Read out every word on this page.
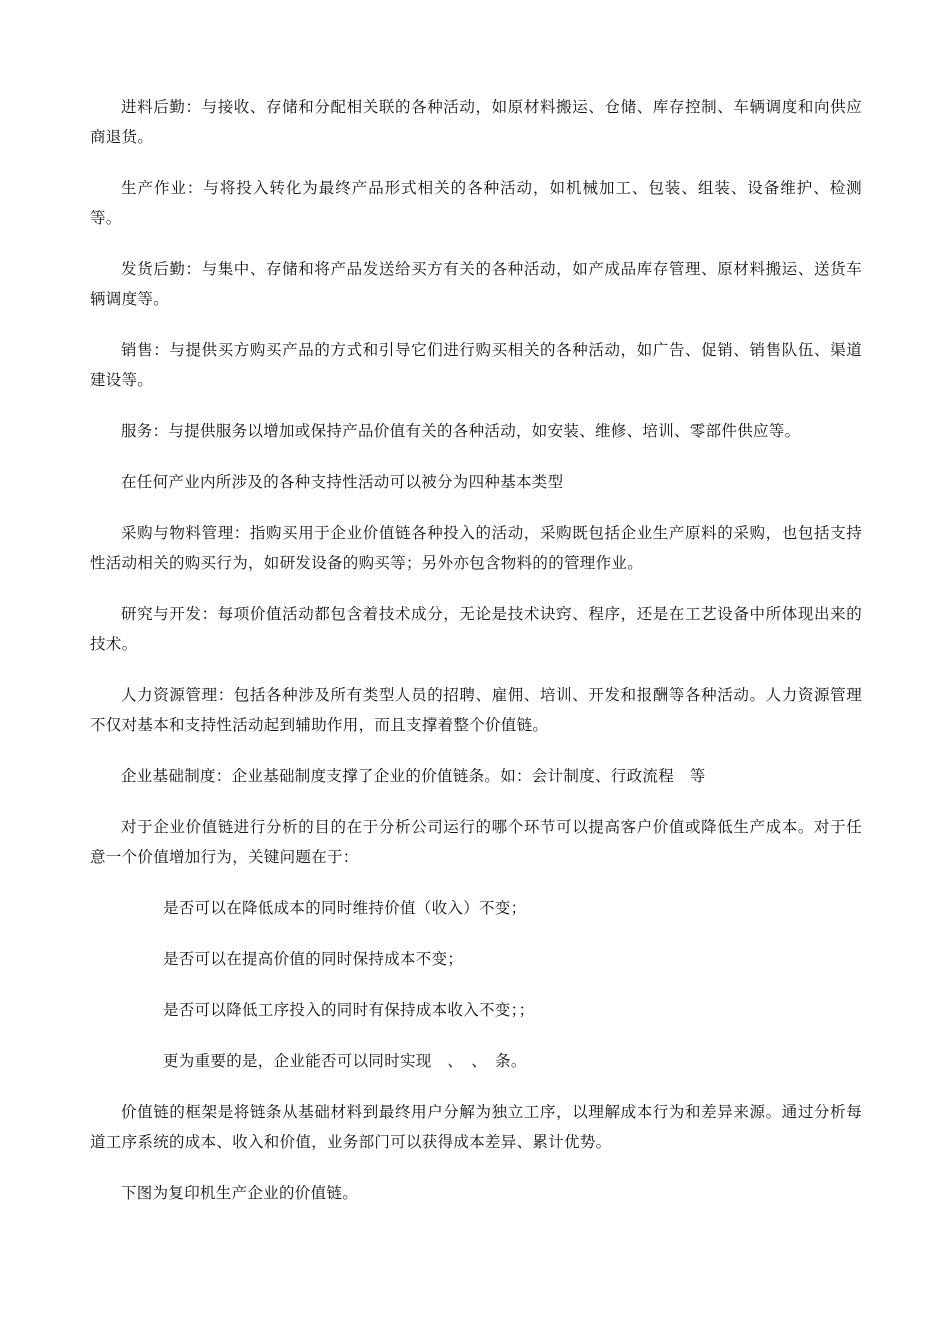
进料后勤：与接收、存储和分配相关联的各种活动，如原材料搬运、仓储、库存控制、车辆调度和向供应商退货。

生产作业：与将投入转化为最终产品形式相关的各种活动，如机械加工、包装、组装、设备维护、检测等。

发货后勤：与集中、存储和将产品发送给买方有关的各种活动，如产成品库存管理、原材料搬运、送货车辆调度等。

销售：与提供买方购买产品的方式和引导它们进行购买相关的各种活动，如广告、促销、销售队伍、渠道建设等。

服务：与提供服务以增加或保持产品价值有关的各种活动，如安装、维修、培训、零部件供应等。

在任何产业内所涉及的各种支持性活动可以被分为四种基本类型

采购与物料管理：指购买用于企业价值链各种投入的活动，采购既包括企业生产原料的采购，也包括支持性活动相关的购买行为，如研发设备的购买等；另外亦包含物料的的管理作业。

研究与开发：每项价值活动都包含着技术成分，无论是技术诀窍、程序，还是在工艺设备中所体现出来的技术。

人力资源管理：包括各种涉及所有类型人员的招聘、雇佣、培训、开发和报酬等各种活动。人力资源管理不仅对基本和支持性活动起到辅助作用，而且支撑着整个价值链。

企业基础制度：企业基础制度支撑了企业的价值链条。如：会计制度、行政流程　等

对于企业价值链进行分析的目的在于分析公司运行的哪个环节可以提高客户价值或降低生产成本。对于任意一个价值增加行为，关键问题在于：

是否可以在降低成本的同时维持价值（收入）不变；

是否可以在提高价值的同时保持成本不变；

是否可以降低工序投入的同时有保持成本收入不变；；

更为重要的是，企业能否可以同时实现　、　、　条。

价值链的框架是将链条从基础材料到最终用户分解为独立工序，以理解成本行为和差异来源。通过分析每道工序系统的成本、收入和价值，业务部门可以获得成本差异、累计优势。

下图为复印机生产企业的价值链。
